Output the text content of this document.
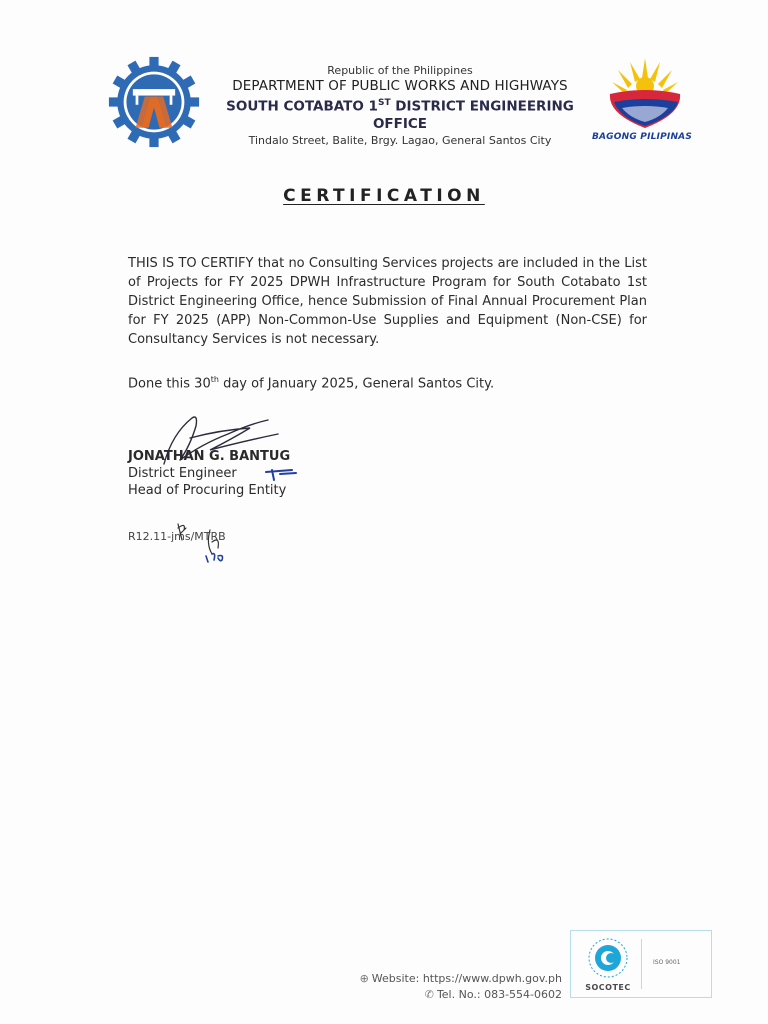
Republic of the Philippines
DEPARTMENT OF PUBLIC WORKS AND HIGHWAYS
SOUTH COTABATO 1ST DISTRICT ENGINEERING OFFICE
Tindalo Street, Balite, Brgy. Lagao, General Santos City	BAGONG PILIPINAS
CERTIFICATION

THIS IS TO CERTIFY that no Consulting Services projects are included in the List of Projects for FY 2025 DPWH Infrastructure Program for South Cotabato 1st District Engineering Office, hence Submission of Final Annual Procurement Plan for FY 2025 (APP) Non-Common-Use Supplies and Equipment (Non-CSE) for Consultancy Services is not necessary.

Done this 30th day of January 2025, General Santos City.

JONATHAN G. BANTUG
District Engineer
Head of Procuring Entity
R12.11-jms/MTRB
⊕ Website: https://www.dpwh.gov.ph
✆ Tel. No.: 083-554-0602
SOCOTEC
ISO 9001
